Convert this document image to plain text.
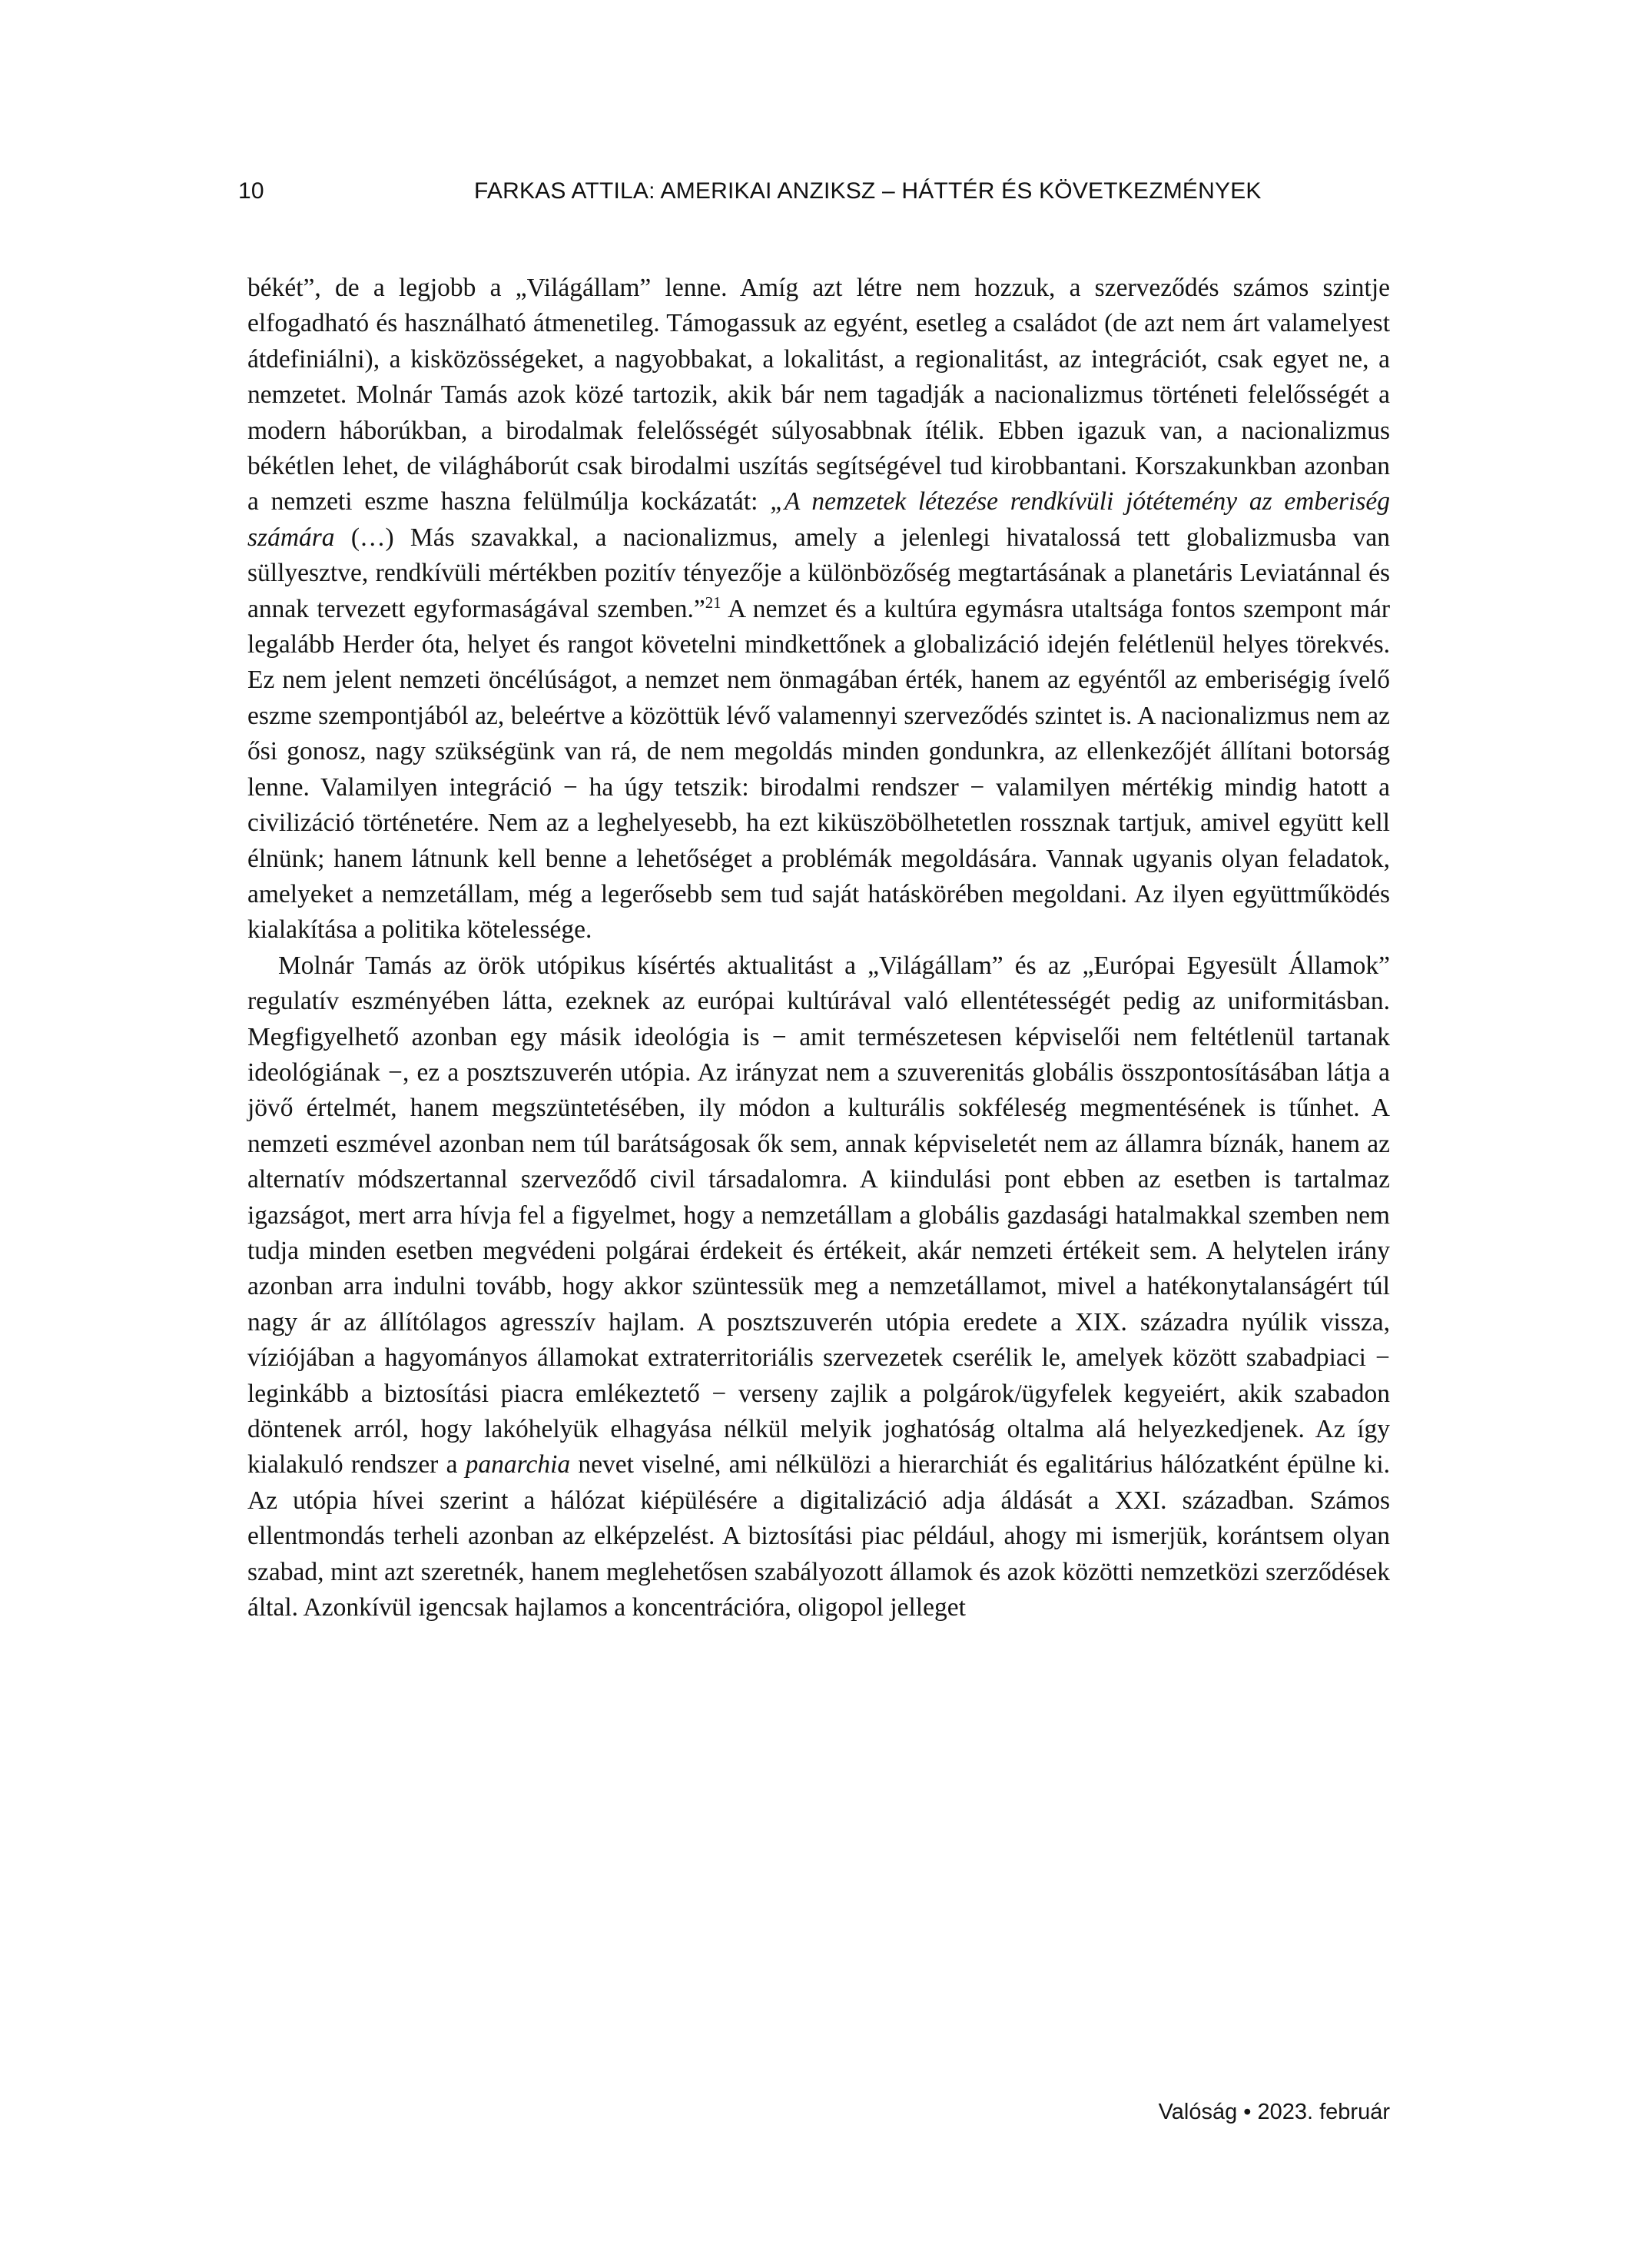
10	FARKAS ATTILA: AMERIKAI ANZIKSZ – HÁTTÉR ÉS KÖVETKEZMÉNYEK

békét”, de a legjobb a „Világállam” lenne. Amíg azt létre nem hozzuk, a szerveződés számos szintje elfogadható és használható átmenetileg. Támogassuk az egyént, esetleg a családot (de azt nem árt valamelyest átdefiniálni), a kisközösségeket, a nagyobbakat, a lokalitást, a regionalitást, az integrációt, csak egyet ne, a nemzetet. Molnár Tamás azok közé tartozik, akik bár nem tagadják a nacionalizmus történeti felelősségét a modern háborúkban, a birodalmak felelősségét súlyosabbnak ítélik. Ebben igazuk van, a nacionalizmus békétlen lehet, de világháborút csak birodalmi uszítás segítségével tud kirobbantani. Korszakunkban azonban a nemzeti eszme haszna felülmúlja kockázatát: „A nemzetek létezése rendkívüli jótétemény az emberiség számára (…) Más szavakkal, a nacionalizmus, amely a jelenlegi hivatalossá tett globalizmusba van süllyesztve, rendkívüli mértékben pozitív tényezője a különbözőség megtartásának a planetáris Leviatánnal és annak tervezett egyformaságával szemben.”$^{21}$ A nemzet és a kultúra egymásra utaltsága fontos szempont már legalább Herder óta, helyet és rangot követelni mindkettőnek a globalizáció idején felétlenül helyes törekvés. Ez nem jelent nemzeti öncélúságot, a nemzet nem önmagában érték, hanem az egyéntől az emberiségig ívelő eszme szempontjából az, beleértve a közöttük lévő valamennyi szerveződés szintet is. A nacionalizmus nem az ősi gonosz, nagy szükségünk van rá, de nem megoldás minden gondunkra, az ellenkezőjét állítani botorság lenne. Valamilyen integráció − ha úgy tetszik: birodalmi rendszer − valamilyen mértékig mindig hatott a civilizáció történetére. Nem az a leghelyesebb, ha ezt kiküszöbölhetetlen rossznak tartjuk, amivel együtt kell élnünk; hanem látnunk kell benne a lehetőséget a problémák megoldására. Vannak ugyanis olyan feladatok, amelyeket a nemzetállam, még a legerősebb sem tud saját hatáskörében megoldani. Az ilyen együttműködés kialakítása a politika kötelessége.

Molnár Tamás az örök utópikus kísértés aktualitást a „Világállam” és az „Európai Egyesült Államok” regulatív eszményében látta, ezeknek az európai kultúrával való ellentétességét pedig az uniformitásban. Megfigyelhető azonban egy másik ideológia is − amit természetesen képviselői nem feltétlenül tartanak ideológiának −, ez a posztszuverén utópia. Az irányzat nem a szuverenitás globális összpontosításában látja a jövő értelmét, hanem megszüntetésében, ily módon a kulturális sokféleség megmentésének is tűnhet. A nemzeti eszmével azonban nem túl barátságosak ők sem, annak képviseletét nem az államra bíznák, hanem az alternatív módszertannal szerveződő civil társadalomra. A kiindulási pont ebben az esetben is tartalmaz igazságot, mert arra hívja fel a figyelmet, hogy a nemzetállam a globális gazdasági hatalmakkal szemben nem tudja minden esetben megvédeni polgárai érdekeit és értékeit, akár nemzeti értékeit sem. A helytelen irány azonban arra indulni tovább, hogy akkor szüntessük meg a nemzetállamot, mivel a hatékonytalanságért túl nagy ár az állítólagos agresszív hajlam. A posztszuverén utópia eredete a XIX. századra nyúlik vissza, víziójában a hagyományos államokat extraterritoriális szervezetek cserélik le, amelyek között szabadpiaci − leginkább a biztosítási piacra emlékeztető − verseny zajlik a polgárok/ügyfelek kegyeiért, akik szabadon döntenek arról, hogy lakóhelyük elhagyása nélkül melyik joghatóság oltalma alá helyezkedjenek. Az így kialakuló rendszer a panarchia nevet viselné, ami nélkülözi a hierarchiát és egalitárius hálózatként épülne ki. Az utópia hívei szerint a hálózat kiépülésére a digitalizáció adja áldását a XXI. században. Számos ellentmondás terheli azonban az elképzelést. A biztosítási piac például, ahogy mi ismerjük, korántsem olyan szabad, mint azt szeretnék, hanem meglehetősen szabályozott államok és azok közötti nemzetközi szerződések által. Azonkívül igencsak hajlamos a koncentrációra, oligopol jelleget

Valóság • 2023. február
